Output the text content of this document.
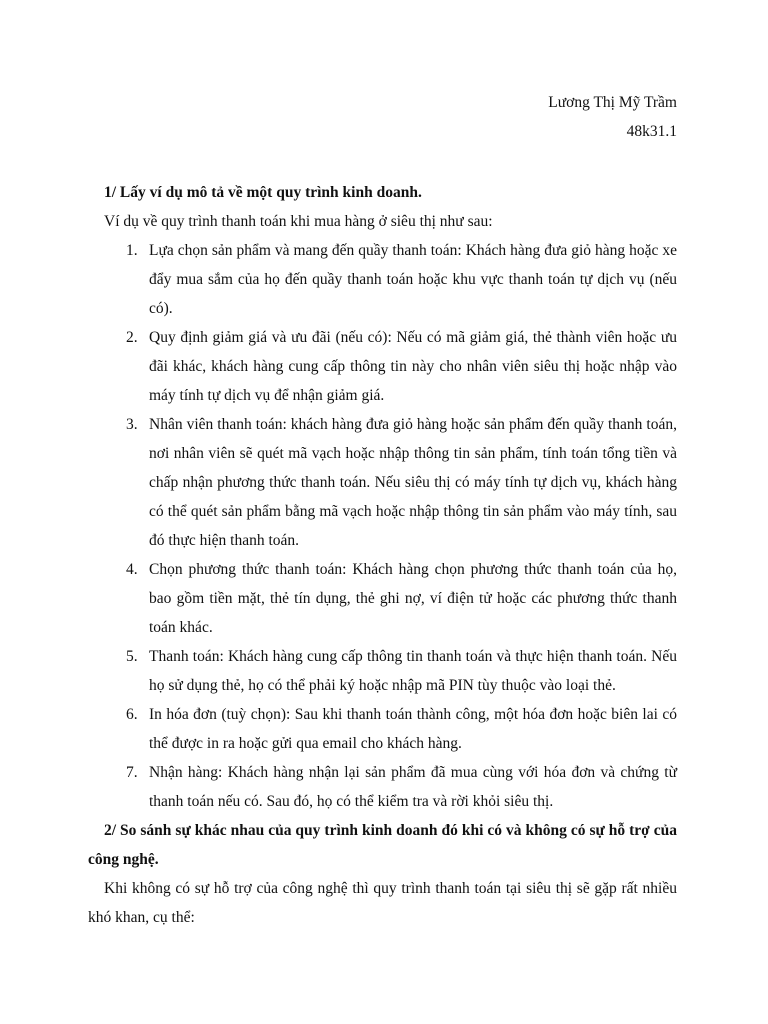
Lương Thị Mỹ Trầm
48k31.1

1/ Lấy ví dụ mô tả về một quy trình kinh doanh.

Ví dụ về quy trình thanh toán khi mua hàng ở siêu thị như sau:

1. Lựa chọn sản phẩm và mang đến quầy thanh toán: Khách hàng đưa giỏ hàng hoặc xe đẩy mua sắm của họ đến quầy thanh toán hoặc khu vực thanh toán tự dịch vụ (nếu có).
2. Quy định giảm giá và ưu đãi (nếu có): Nếu có mã giảm giá, thẻ thành viên hoặc ưu đãi khác, khách hàng cung cấp thông tin này cho nhân viên siêu thị hoặc nhập vào máy tính tự dịch vụ để nhận giảm giá.
3. Nhân viên thanh toán: khách hàng đưa giỏ hàng hoặc sản phẩm đến quầy thanh toán, nơi nhân viên sẽ quét mã vạch hoặc nhập thông tin sản phẩm, tính toán tổng tiền và chấp nhận phương thức thanh toán. Nếu siêu thị có máy tính tự dịch vụ, khách hàng có thể quét sản phẩm bằng mã vạch hoặc nhập thông tin sản phẩm vào máy tính, sau đó thực hiện thanh toán.
4. Chọn phương thức thanh toán: Khách hàng chọn phương thức thanh toán của họ, bao gồm tiền mặt, thẻ tín dụng, thẻ ghi nợ, ví điện tử hoặc các phương thức thanh toán khác.
5. Thanh toán: Khách hàng cung cấp thông tin thanh toán và thực hiện thanh toán. Nếu họ sử dụng thẻ, họ có thể phải ký hoặc nhập mã PIN tùy thuộc vào loại thẻ.
6. In hóa đơn (tuỳ chọn): Sau khi thanh toán thành công, một hóa đơn hoặc biên lai có thể được in ra hoặc gửi qua email cho khách hàng.
7. Nhận hàng: Khách hàng nhận lại sản phẩm đã mua cùng với hóa đơn và chứng từ thanh toán nếu có. Sau đó, họ có thể kiểm tra và rời khỏi siêu thị.

2/ So sánh sự khác nhau của quy trình kinh doanh đó khi có và không có sự hỗ trợ của công nghệ.

Khi không có sự hỗ trợ của công nghệ thì quy trình thanh toán tại siêu thị sẽ gặp rất nhiều khó khan, cụ thể:
